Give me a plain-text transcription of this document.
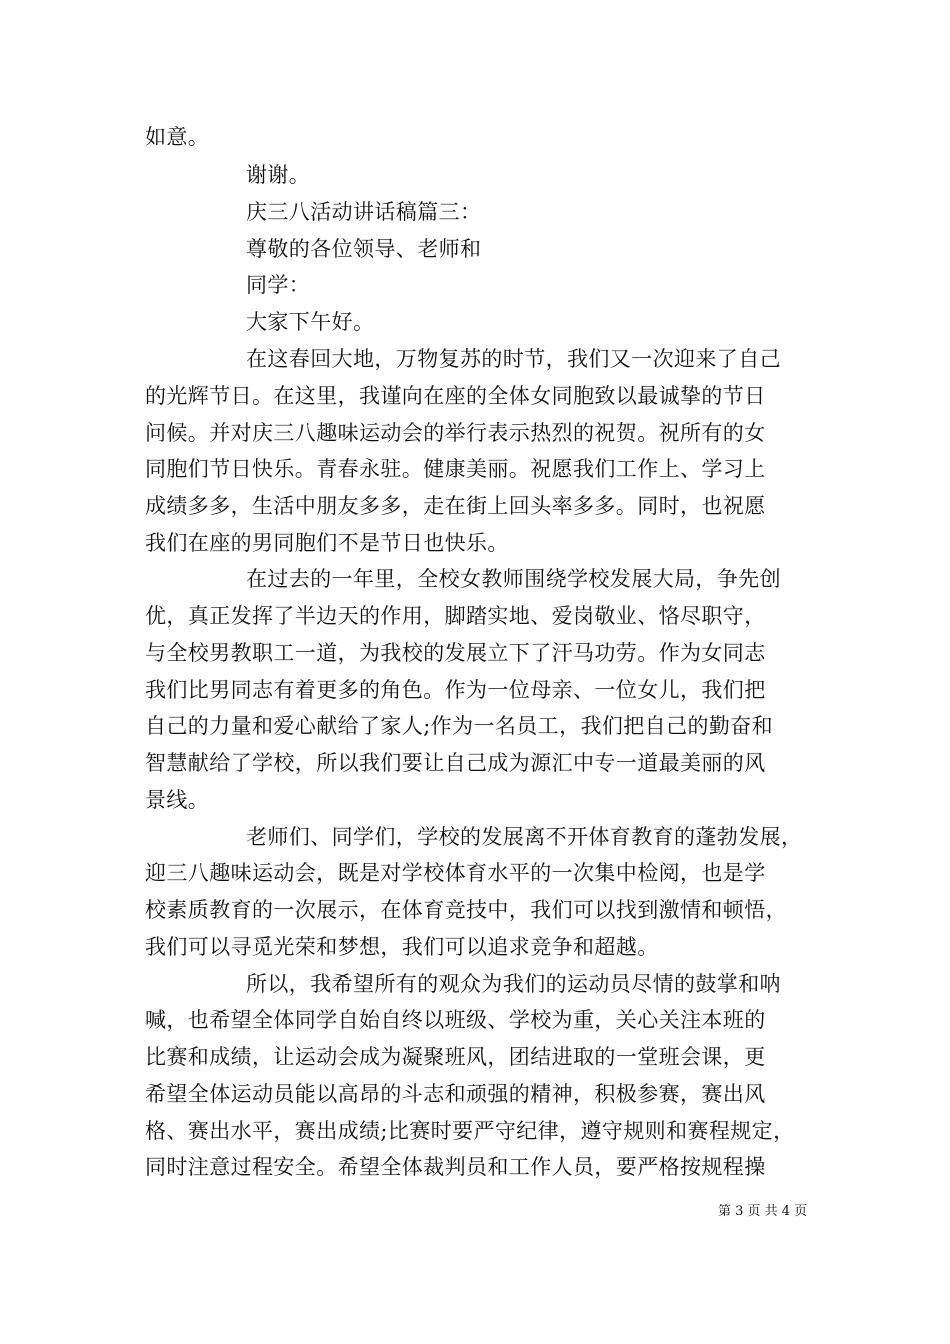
如意。
谢谢。
庆三八活动讲话稿篇三：
尊敬的各位领导、老师和
同学：
大家下午好。
在这春回大地，万物复苏的时节，我们又一次迎来了自己
的光辉节日。在这里，我谨向在座的全体女同胞致以最诚挚的节日
问候。并对庆三八趣味运动会的举行表示热烈的祝贺。祝所有的女
同胞们节日快乐。青春永驻。健康美丽。祝愿我们工作上、学习上
成绩多多，生活中朋友多多，走在街上回头率多多。同时，也祝愿
我们在座的男同胞们不是节日也快乐。
在过去的一年里，全校女教师围绕学校发展大局，争先创
优，真正发挥了半边天的作用，脚踏实地、爱岗敬业、恪尽职守，
与全校男教职工一道，为我校的发展立下了汗马功劳。作为女同志
我们比男同志有着更多的角色。作为一位母亲、一位女儿，我们把
自己的力量和爱心献给了家人;作为一名员工，我们把自己的勤奋和
智慧献给了学校，所以我们要让自己成为源汇中专一道最美丽的风
景线。
老师们、同学们，学校的发展离不开体育教育的蓬勃发展，
迎三八趣味运动会，既是对学校体育水平的一次集中检阅，也是学
校素质教育的一次展示，在体育竞技中，我们可以找到激情和顿悟，
我们可以寻觅光荣和梦想，我们可以追求竞争和超越。
所以，我希望所有的观众为我们的运动员尽情的鼓掌和呐
喊，也希望全体同学自始自终以班级、学校为重，关心关注本班的
比赛和成绩，让运动会成为凝聚班风，团结进取的一堂班会课，更
希望全体运动员能以高昂的斗志和顽强的精神，积极参赛，赛出风
格、赛出水平，赛出成绩;比赛时要严守纪律，遵守规则和赛程规定，
同时注意过程安全。希望全体裁判员和工作人员，要严格按规程操
第 3 页 共 4 页
